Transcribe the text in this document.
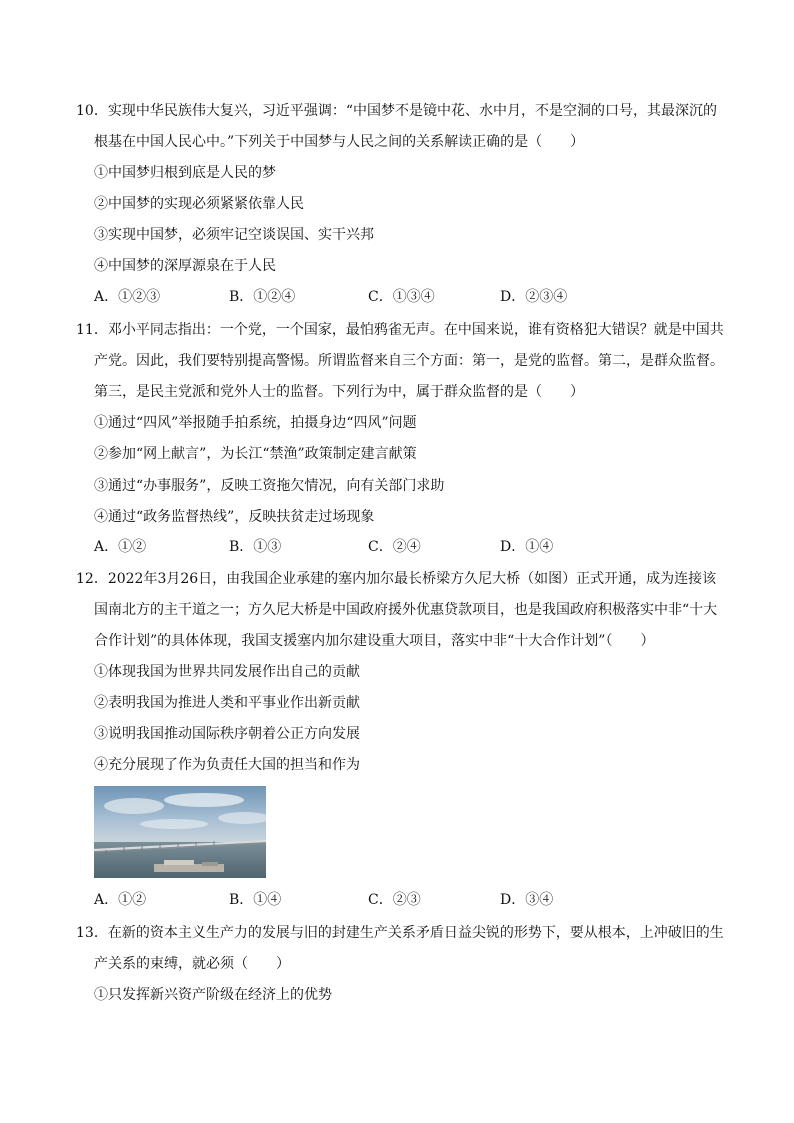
10．实现中华民族伟大复兴，习近平强调：“中国梦不是镜中花、水中月，不是空洞的口号，其最深沉的
根基在中国人民心中。”下列关于中国梦与人民之间的关系解读正确的是（　　）
①中国梦归根到底是人民的梦
②中国梦的实现必须紧紧依靠人民
③实现中国梦，必须牢记空谈误国、实干兴邦
④中国梦的深厚源泉在于人民
A．①②③	B．①②④	C．①③④	D．②③④
11．邓小平同志指出：一个党，一个国家，最怕鸦雀无声。在中国来说，谁有资格犯大错误？就是中国共
产党。因此，我们要特别提高警惕。所谓监督来自三个方面：第一，是党的监督。第二，是群众监督。
第三，是民主党派和党外人士的监督。下列行为中，属于群众监督的是（　　）
①通过“四风”举报随手拍系统，拍摄身边“四风”问题
②参加“网上献言”，为长江“禁渔”政策制定建言献策
③通过“办事服务”，反映工资拖欠情况，向有关部门求助
④通过“政务监督热线”，反映扶贫走过场现象
A．①②	B．①③	C．②④	D．①④
12．2022年3月26日，由我国企业承建的塞内加尔最长桥梁方久尼大桥（如图）正式开通，成为连接该
国南北方的主干道之一；方久尼大桥是中国政府援外优惠贷款项目，也是我国政府积极落实中非“十大
合作计划”的具体体现，我国支援塞内加尔建设重大项目，落实中非“十大合作计划”（　　）
①体现我国为世界共同发展作出自己的贡献
②表明我国为推进人类和平事业作出新贡献
③说明我国推动国际秩序朝着公正方向发展
④充分展现了作为负责任大国的担当和作为
A．①②	B．①④	C．②③	D．③④
13．在新的资本主义生产力的发展与旧的封建生产关系矛盾日益尖锐的形势下，要从根本，上冲破旧的生
产关系的束缚，就必须（　　）
①只发挥新兴资产阶级在经济上的优势
